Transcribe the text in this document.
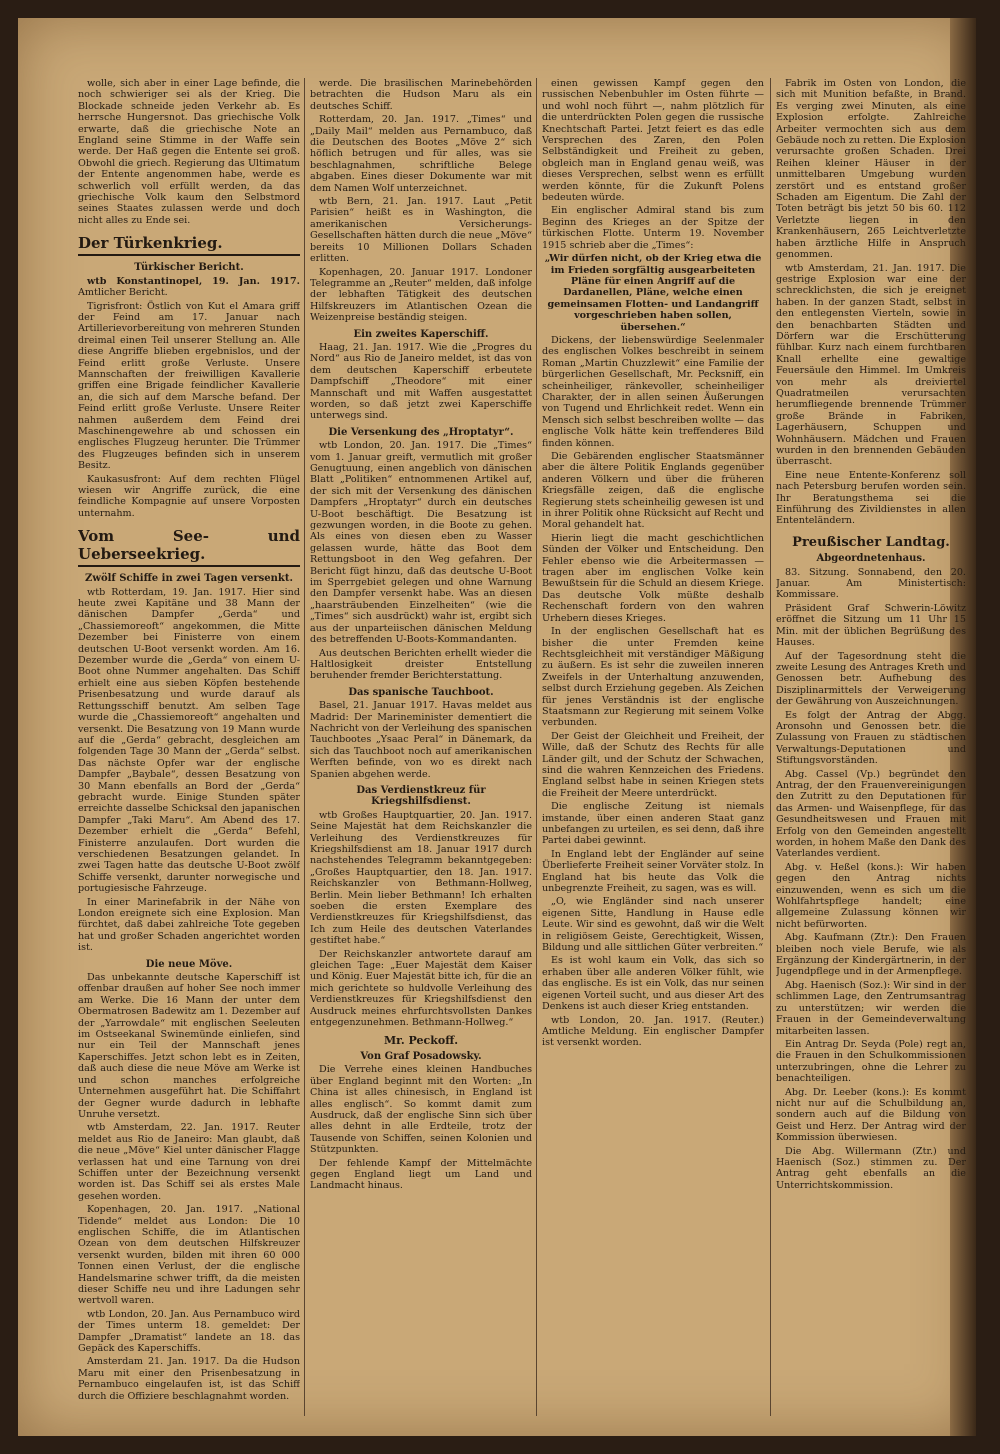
wolle, sich aber in einer Lage befinde, die noch schwieriger sei als der Krieg. Die Blockade schneide jeden Verkehr ab. Es herrsche Hungersnot. Das griechische Volk erwarte, daß die griechische Note an England seine Stimme in der Waffe sein werde. Der Haß gegen die Entente sei groß. Obwohl die griech. Regierung das Ultimatum der Entente angenommen habe, werde es schwerlich voll erfüllt werden, da das griechische Volk kaum den Selbstmord seines Staates zulassen werde und doch nicht alles zu Ende sei.

Der Türkenkrieg.
Türkischer Bericht.

wtb Konstantinopel, 19. Jan. 1917. Amtlicher Bericht.

Tigrisfront: Östlich von Kut el Amara griff der Feind am 17. Januar nach Artillerievorbereitung von mehreren Stunden dreimal einen Teil unserer Stellung an. Alle diese Angriffe blieben ergebnislos, und der Feind erlitt große Verluste. Unsere Mannschaften der freiwilligen Kavallerie griffen eine Brigade feindlicher Kavallerie an, die sich auf dem Marsche befand. Der Feind erlitt große Verluste. Unsere Reiter nahmen außerdem dem Feind drei Maschinengewehre ab und schossen ein englisches Flugzeug herunter. Die Trümmer des Flugzeuges befinden sich in unserem Besitz.

Kaukasusfront: Auf dem rechten Flügel wiesen wir Angriffe zurück, die eine feindliche Kompagnie auf unsere Vorposten unternahm.

Vom See- und Ueberseekrieg.
Zwölf Schiffe in zwei Tagen versenkt.

wtb Rotterdam, 19. Jan. 1917. Hier sind heute zwei Kapitäne und 38 Mann der dänischen Dampfer „Gerda“ und „Chassiemoreoft“ angekommen, die Mitte Dezember bei Finisterre von einem deutschen U-Boot versenkt worden. Am 16. Dezember wurde die „Gerda“ von einem U-Boot ohne Nummer angehalten. Das Schiff erhielt eine aus sieben Köpfen bestehende Prisenbesatzung und wurde darauf als Rettungsschiff benutzt. Am selben Tage wurde die „Chassiemoreoft“ angehalten und versenkt. Die Besatzung von 19 Mann wurde auf die „Gerda“ gebracht, desgleichen am folgenden Tage 30 Mann der „Gerda“ selbst. Das nächste Opfer war der englische Dampfer „Baybale“, dessen Besatzung von 30 Mann ebenfalls an Bord der „Gerda“ gebracht wurde. Einige Stunden später erreichte dasselbe Schicksal den japanischen Dampfer „Taki Maru“. Am Abend des 17. Dezember erhielt die „Gerda“ Befehl, Finisterre anzulaufen. Dort wurden die verschiedenen Besatzungen gelandet. In zwei Tagen hatte das deutsche U-Boot zwölf Schiffe versenkt, darunter norwegische und portugiesische Fahrzeuge.

In einer Marinefabrik in der Nähe von London ereignete sich eine Explosion. Man fürchtet, daß dabei zahlreiche Tote gegeben hat und großer Schaden angerichtet worden ist.

Die neue Möve.

Das unbekannte deutsche Kaperschiff ist offenbar draußen auf hoher See noch immer am Werke. Die 16 Mann der unter dem Obermatrosen Badewitz am 1. Dezember auf der „Yarrowdale“ mit englischen Seeleuten im Ostseekanal Swinemünde einliefen, sind nur ein Teil der Mannschaft jenes Kaperschiffes. Jetzt schon lebt es in Zeiten, daß auch diese die neue Möve am Werke ist und schon manches erfolgreiche Unternehmen ausgeführt hat. Die Schiffahrt der Gegner wurde dadurch in lebhafte Unruhe versetzt.

wtb Amsterdam, 22. Jan. 1917. Reuter meldet aus Rio de Janeiro: Man glaubt, daß die neue „Möve“ Kiel unter dänischer Flagge verlassen hat und eine Tarnung von drei Schiffen unter der Bezeichnung versenkt worden ist. Das Schiff sei als erstes Male gesehen worden.

Kopenhagen, 20. Jan. 1917. „National Tidende“ meldet aus London: Die 10 englischen Schiffe, die im Atlantischen Ozean von dem deutschen Hilfskreuzer versenkt wurden, bilden mit ihren 60 000 Tonnen einen Verlust, der die englische Handelsmarine schwer trifft, da die meisten dieser Schiffe neu und ihre Ladungen sehr wertvoll waren.

wtb London, 20. Jan. Aus Pernambuco wird der Times unterm 18. gemeldet: Der Dampfer „Dramatist“ landete an 18. das Gepäck des Kaperschiffs.

Amsterdam 21. Jan. 1917. Da die Hudson Maru mit einer den Prisenbesatzung in Pernambuco eingelaufen ist, ist das Schiff durch die Offiziere beschlagnahmt worden.

werde. Die brasilischen Marinebehörden betrachten die Hudson Maru als ein deutsches Schiff.

Rotterdam, 20. Jan. 1917. „Times“ und „Daily Mail“ melden aus Pernambuco, daß die Deutschen des Bootes „Möve 2“ sich höflich betrugen und für alles, was sie beschlagnahmen, schriftliche Belege abgaben. Eines dieser Dokumente war mit dem Namen Wolf unterzeichnet.

wtb Bern, 21. Jan. 1917. Laut „Petit Parisien“ heißt es in Washington, die amerikanischen Versicherungs-Gesellschaften hätten durch die neue „Möve“ bereits 10 Millionen Dollars Schaden erlitten.

Kopenhagen, 20. Januar 1917. Londoner Telegramme an „Reuter“ melden, daß infolge der lebhaften Tätigkeit des deutschen Hilfskreuzers im Atlantischen Ozean die Weizenpreise beständig steigen.

Ein zweites Kaperschiff.

Haag, 21. Jan. 1917. Wie die „Progres du Nord“ aus Rio de Janeiro meldet, ist das von dem deutschen Kaperschiff erbeutete Dampfschiff „Theodore“ mit einer Mannschaft und mit Waffen ausgestattet worden, so daß jetzt zwei Kaperschiffe unterwegs sind.

Die Versenkung des „Hroptatyr“.

wtb London, 20. Jan. 1917. Die „Times“ vom 1. Januar greift, vermutlich mit großer Genugtuung, einen angeblich von dänischen Blatt „Politiken“ entnommenen Artikel auf, der sich mit der Versenkung des dänischen Dampfers „Hroptatyr“ durch ein deutsches U-Boot beschäftigt. Die Besatzung ist gezwungen worden, in die Boote zu gehen. Als eines von diesen eben zu Wasser gelassen wurde, hätte das Boot dem Rettungsboot in den Weg gefahren. Der Bericht fügt hinzu, daß das deutsche U-Boot im Sperrgebiet gelegen und ohne Warnung den Dampfer versenkt habe. Was an diesen „haarsträubenden Einzelheiten“ (wie die „Times“ sich ausdrückt) wahr ist, ergibt sich aus der unparteiischen dänischen Meldung des betreffenden U-Boots-Kommandanten.

Aus deutschen Berichten erhellt wieder die Haltlosigkeit dreister Entstellung beruhender fremder Berichterstattung.

Das spanische Tauchboot.

Basel, 21. Januar 1917. Havas meldet aus Madrid: Der Marineminister dementiert die Nachricht von der Verleihung des spanischen Tauchbootes „Ysaac Peral“ in Dänemark, da sich das Tauchboot noch auf amerikanischen Werften befinde, von wo es direkt nach Spanien abgehen werde.

Das Verdienstkreuz für Kriegshilfsdienst.

wtb Großes Hauptquartier, 20. Jan. 1917. Seine Majestät hat dem Reichskanzler die Verleihung des Verdienstkreuzes für Kriegshilfsdienst am 18. Januar 1917 durch nachstehendes Telegramm bekanntgegeben: „Großes Hauptquartier, den 18. Jan. 1917. Reichskanzler von Bethmann-Hollweg, Berlin. Mein lieber Bethmann! Ich erhalten soeben die ersten Exemplare des Verdienstkreuzes für Kriegshilfsdienst, das Ich zum Heile des deutschen Vaterlandes gestiftet habe.“

Der Reichskanzler antwortete darauf am gleichen Tage: „Euer Majestät dem Kaiser und König. Euer Majestät bitte ich, für die an mich gerichtete so huldvolle Verleihung des Verdienstkreuzes für Kriegshilfsdienst den Ausdruck meines ehrfurchtsvollsten Dankes entgegenzunehmen. Bethmann-Hollweg.“

Mr. Peckoff.
Von Graf Posadowsky.

Die Verrehe eines kleinen Handbuches über England beginnt mit den Worten: „In China ist alles chinesisch, in England ist alles englisch“. So kommt damit zum Ausdruck, daß der englische Sinn sich über alles dehnt in alle Erdteile, trotz der Tausende von Schiffen, seinen Kolonien und Stützpunkten.

Der fehlende Kampf der Mittelmächte gegen England liegt um Land und Landmacht hinaus.

einen gewissen Kampf gegen den russischen Nebenbuhler im Osten führte — und wohl noch führt —, nahm plötzlich für die unterdrückten Polen gegen die russische Knechtschaft Partei. Jetzt feiert es das edle Versprechen des Zaren, den Polen Selbständigkeit und Freiheit zu geben, obgleich man in England genau weiß, was dieses Versprechen, selbst wenn es erfüllt werden könnte, für die Zukunft Polens bedeuten würde.

Ein englischer Admiral stand bis zum Beginn des Krieges an der Spitze der türkischen Flotte. Unterm 19. November 1915 schrieb aber die „Times“:

„Wir dürfen nicht, ob der Krieg etwa die im Frieden sorgfältig ausgearbeiteten Pläne für einen Angriff auf die Dardanellen, Pläne, welche einen gemeinsamen Flotten- und Landangriff vorgeschrieben haben sollen, übersehen.“

Dickens, der liebenswürdige Seelenmaler des englischen Volkes beschreibt in seinem Roman „Martin Chuzzlewit“ eine Familie der bürgerlichen Gesellschaft, Mr. Pecksniff, ein scheinheiliger, ränkevoller, scheinheiliger Charakter, der in allen seinen Äußerungen von Tugend und Ehrlichkeit redet. Wenn ein Mensch sich selbst beschreiben wollte — das englische Volk hätte kein treffenderes Bild finden können.

Die Gebärenden englischer Staatsmänner aber die ältere Politik Englands gegenüber anderen Völkern und über die früheren Kriegsfälle zeigen, daß die englische Regierung stets scheinheilig gewesen ist und in ihrer Politik ohne Rücksicht auf Recht und Moral gehandelt hat.

Hierin liegt die macht geschichtlichen Sünden der Völker und Entscheidung. Den Fehler ebenso wie die Arbeitermassen — tragen aber im englischen Volke kein Bewußtsein für die Schuld an diesem Kriege. Das deutsche Volk müßte deshalb Rechenschaft fordern von den wahren Urhebern dieses Krieges.

In der englischen Gesellschaft hat es bisher die unter Fremden keine Rechtsgleichheit mit verständiger Mäßigung zu äußern. Es ist sehr die zuweilen inneren Zweifels in der Unterhaltung anzuwenden, selbst durch Erziehung gegeben. Als Zeichen für jenes Verständnis ist der englische Staatsmann zur Regierung mit seinem Volke verbunden.

Der Geist der Gleichheit und Freiheit, der Wille, daß der Schutz des Rechts für alle Länder gilt, und der Schutz der Schwachen, sind die wahren Kennzeichen des Friedens. England selbst habe in seinen Kriegen stets die Freiheit der Meere unterdrückt.

Die englische Zeitung ist niemals imstande, über einen anderen Staat ganz unbefangen zu urteilen, es sei denn, daß ihre Partei dabei gewinnt.

In England lebt der Engländer auf seine Überlieferte Freiheit seiner Vorväter stolz. In England hat bis heute das Volk die unbegrenzte Freiheit, zu sagen, was es will.

„O, wie Engländer sind nach unserer eigenen Sitte, Handlung in Hause edle Leute. Wir sind es gewohnt, daß wir die Welt in religiösem Geiste, Gerechtigkeit, Wissen, Bildung und alle sittlichen Güter verbreiten.“

Es ist wohl kaum ein Volk, das sich so erhaben über alle anderen Völker fühlt, wie das englische. Es ist ein Volk, das nur seinen eigenen Vorteil sucht, und aus dieser Art des Denkens ist auch dieser Krieg entstanden.

wtb London, 20. Jan. 1917. (Reuter.) Amtliche Meldung. Ein englischer Dampfer ist versenkt worden.

Fabrik im Osten von London, die sich mit Munition befaßte, in Brand. Es verging zwei Minuten, als eine Explosion erfolgte. Zahlreiche Arbeiter vermochten sich aus dem Gebäude noch zu retten. Die Explosion verursachte großen Schaden. Drei Reihen kleiner Häuser in der unmittelbaren Umgebung wurden zerstört und es entstand großer Schaden am Eigentum. Die Zahl der Toten beträgt bis jetzt 50 bis 60. 112 Verletzte liegen in den Krankenhäusern, 265 Leichtverletzte haben ärztliche Hilfe in Anspruch genommen.

wtb Amsterdam, 21. Jan. 1917. Die gestrige Explosion war eine der schrecklichsten, die sich je ereignet haben. In der ganzen Stadt, selbst in den entlegensten Vierteln, sowie in den benachbarten Städten und Dörfern war die Erschütterung fühlbar. Kurz nach einem furchtbaren Knall erhellte eine gewaltige Feuersäule den Himmel. Im Umkreis von mehr als dreiviertel Quadratmeilen verursachten herumfliegende brennende Trümmer große Brände in Fabriken, Lagerhäusern, Schuppen und Wohnhäusern. Mädchen und Frauen wurden in den brennenden Gebäuden überrascht.

Eine neue Entente-Konferenz soll nach Petersburg berufen worden sein. Ihr Beratungsthema sei die Einführung des Zivildienstes in allen Ententeländern.

Preußischer Landtag.
Abgeordnetenhaus.

83. Sitzung. Sonnabend, den 20. Januar. Am Ministertisch: Kommissare.

Präsident Graf Schwerin-Löwitz eröffnet die Sitzung um 11 Uhr 15 Min. mit der üblichen Begrüßung des Hauses.

Auf der Tagesordnung steht die zweite Lesung des Antrages Kreth und Genossen betr. Aufhebung des Disziplinarmittels der Verweigerung der Gewährung von Auszeichnungen.

Es folgt der Antrag der Abgg. Aronsohn und Genossen betr. die Zulassung von Frauen zu städtischen Verwaltungs-Deputationen und Stiftungsvorständen.

Abg. Cassel (Vp.) begründet den Antrag, der den Frauenvereinigungen den Zutritt zu den Deputationen für das Armen- und Waisenpflege, für das Gesundheitswesen und Frauen mit Erfolg von den Gemeinden angestellt worden, in hohem Maße den Dank des Vaterlandes verdient.

Abg. v. Heßel (kons.): Wir haben gegen den Antrag nichts einzuwenden, wenn es sich um die Wohlfahrtspflege handelt; eine allgemeine Zulassung können wir nicht befürworten.

Abg. Kaufmann (Ztr.): Den Frauen bleiben noch viele Berufe, wie als Ergänzung der Kindergärtnerin, in der Jugendpflege und in der Armenpflege.

Abg. Haenisch (Soz.): Wir sind in der schlimmen Lage, den Zentrumsantrag zu unterstützen; wir werden die Frauen in der Gemeindeverwaltung mitarbeiten lassen.

Ein Antrag Dr. Seyda (Pole) regt an, die Frauen in den Schulkommissionen unterzubringen, ohne die Lehrer zu benachteiligen.

Abg. Dr. Leeber (kons.): Es kommt nicht nur auf die Schulbildung an, sondern auch auf die Bildung von Geist und Herz. Der Antrag wird der Kommission überwiesen.

Die Abg. Willermann (Ztr.) und Haenisch (Soz.) stimmen zu. Der Antrag geht ebenfalls an die Unterrichtskommission.
